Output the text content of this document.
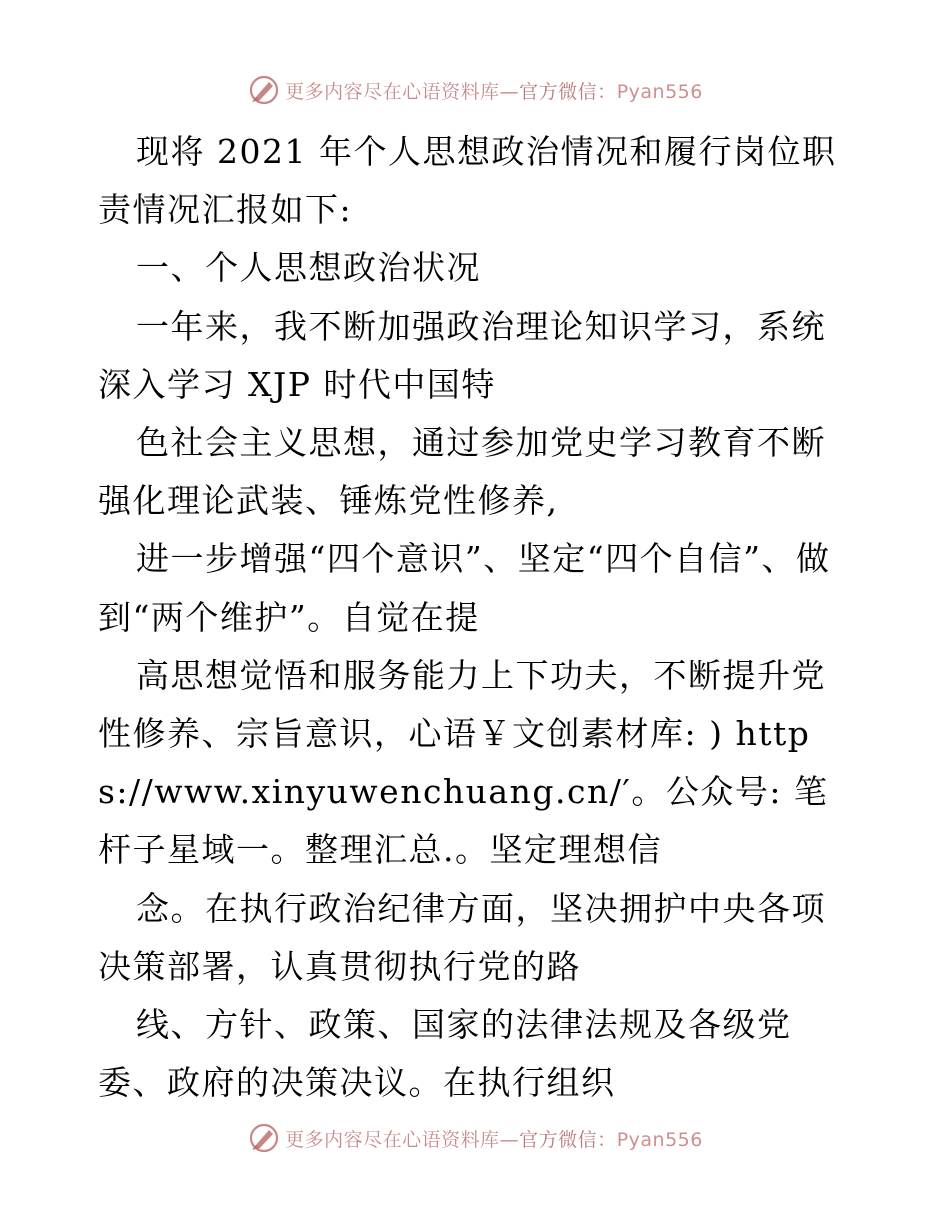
更多内容尽在心语资料库—官方微信：Pyan556

现将 2021 年个人思想政治情况和履行岗位职责情况汇报如下:

一、个人思想政治状况

一年来，我不断加强政治理论知识学习，系统深入学习 XJP 时代中国特

色社会主义思想，通过参加党史学习教育不断强化理论武装、锤炼党性修养,

进一步增强“四个意识”、坚定“四个自信”、做到“两个维护”。自觉在提

高思想觉悟和服务能力上下功夫，不断提升党性修养、宗旨意识，心语￥文创素材库: ) https://www.xinyuwenchuang.cn/′。公众号: 笔杆子星域一。整理汇总.。坚定理想信

念。在执行政治纪律方面，坚决拥护中央各项决策部署，认真贯彻执行党的路

线、方针、政策、国家的法律法规及各级党委、政府的决策决议。在执行组织

更多内容尽在心语资料库—官方微信：Pyan556
